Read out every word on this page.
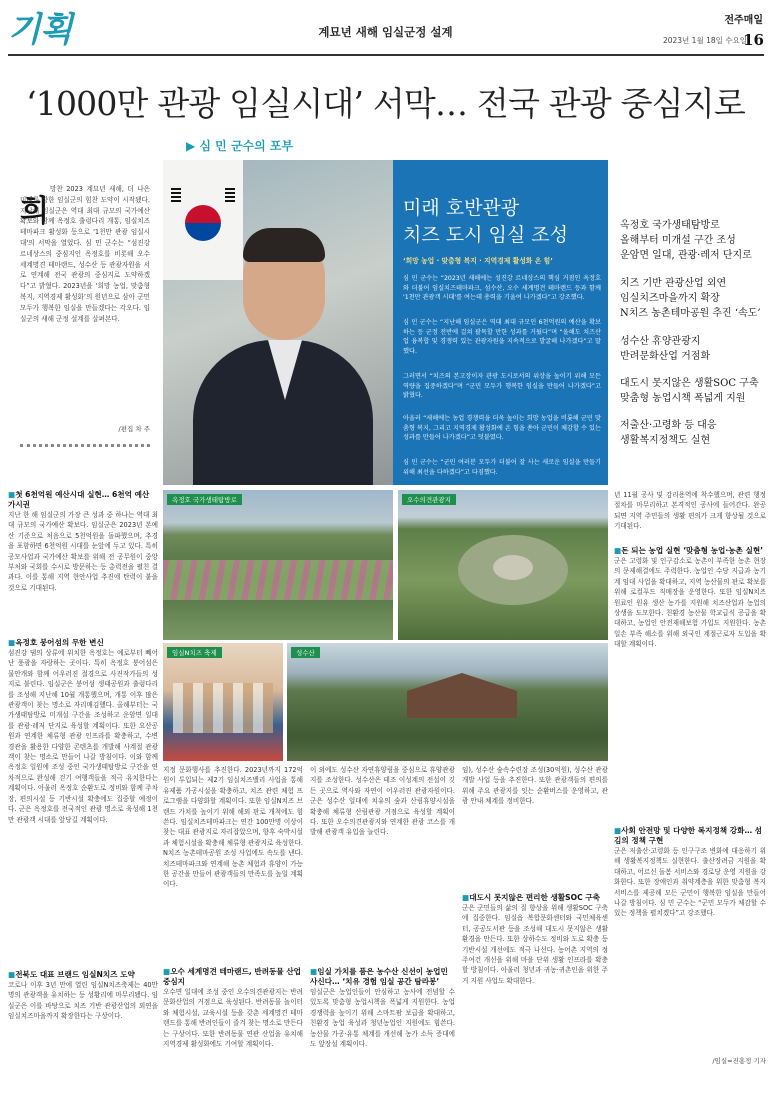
기획	계묘년 새해 임실군정 설계
전주매일
2023년 1월 18일 수요일
16
‘1000만 관광 임실시대’ 서막… 전국 관광 중심지로
▶ 심 민 군수의 포부
희
망찬 2023 계묘년 새해, 더 나은 미래를 향한 임실군의 힘찬 도약이 시작됐다. 지난해 임실군은 역대 최대 규모의 국가예산 확보와 함께 옥정호 출렁다리 개통, 임실치즈테마파크 활성화 등으로 '1천만 관광 임실시대'의 서막을 열었다. 심 민 군수는 “섬진강 르네상스의 중심지인 옥정호를 비롯해 오수 세계명견 테마랜드, 성수산 등 관광자원을 서로 연계해 전국 관광의 중심지로 도약하겠다”고 밝혔다. 2023년을 ‘희망 농업, 맞춤형 복지, 지역경제 활성화’의 원년으로 삼아 군민 모두가 행복한 임실을 만들겠다는 각오다. 임실군의 새해 군정 설계를 살펴본다.
/편집 차 주
미래 호반관광
치즈 도시 임실 조성
‘희망 농업 · 맞춤형 복지 · 지역경제 활성화 온 힘’
심 민 군수는 “2023년 새해에는 성진강 르네상스의 핵심 거점인 옥정호와 더불어 임실치즈테마파크, 섬수산, 오수 세계명견 테마랜드 등과 함께 '1천만 관광객 시대'를 여는데 총력을 기울여 나가겠다”고 강조했다.
심 민 군수는 “지난해 임실군은 역대 최대 규모인 6천억원의 예산을 확보하는 등 군정 전반에 걸쳐 괄목할 만한 성과를 거뒀다”며 “올해도 치즈산업 융복합 및 경쟁력 있는 관광자원을 지속적으로 발굴해 나가겠다”고 말했다.
그러면서 “치즈의 본고장이자 관광 도시로서의 위상을 높이기 위해 모든 역량을 집중하겠다”며 “군민 모두가 행복한 임실을 만들어 나가겠다”고 밝혔다.
아울러 “새해에는 농업 경쟁력을 더욱 높이는 희망 농업을 비롯해 군민 맞춤형 복지, 그리고 지역경제 활성화에 온 힘을 쏟아 군민이 체감할 수 있는 성과를 만들어 나가겠다”고 덧붙였다.
심 민 군수는 “군민 여러분 모두가 더불어 잘 사는 새로운 임실을 만들기 위해 최선을 다하겠다”고 다짐했다.
옥정호 국가생태탐방로
올해부터 미개설 구간 조성
운암면 일대, 관광·레저 단지로
치즈 기반 관광산업 외연
임실치즈마을까지 확장
N치즈 농촌테마공원 추진 ‘속도’
성수산 휴양관광지
반려문화산업 거점화
대도시 못지않은 생활SOC 구축
맞춤형 농업시책 폭넓게 지원
저출산·고령화 등 대응
생활복지정책도 실현
옥정호 국가생태탐방로	오수의견관광지
임실N치즈 축제	성수산
■첫 6천억원 예산시대 실현… 6천억 예산 가시권
지난 한 해 임실군의 가장 큰 성과 중 하나는 역대 최대 규모의 국가예산 확보다. 임실군은 2023년 본예산 기준으로 처음으로 5천억원을 돌파했으며, 추경을 포함하면 6천억원 시대를 눈앞에 두고 있다. 특히 공모사업과 국가예산 확보를 위해 전 공무원이 중앙부처와 국회를 수시로 방문하는 등 총력전을 펼친 결과다. 이를 통해 지역 현안사업 추진에 탄력이 붙을 것으로 기대된다.
■옥정호 붕어섬의 무한 변신
섬진강 댐의 상류에 위치한 옥정호는 예로부터 빼어난 풍광을 자랑하는 곳이다. 특히 옥정호 붕어섬은 물안개와 함께 어우러진 절경으로 사진작가들의 성지로 불린다. 임실군은 붕어섬 생태공원과 출렁다리를 조성해 지난해 10월 개통했으며, 개통 이후 많은 관광객이 찾는 명소로 자리매김했다. 올해부터는 국가생태탐방로 미개설 구간을 조성하고 운암면 일대를 관광·레저 단지로 육성할 계획이다. 또한 요산공원과 연계한 체류형 관광 인프라를 확충하고, 수변 경관을 활용한 다양한 콘텐츠를 개발해 사계절 관광객이 찾는 명소로 만들어 나갈 방침이다. 이와 함께 옥정호 일원에 조성 중인 국가생태탐방로 구간을 연차적으로 완성해 걷기 여행객들을 적극 유치한다는 계획이다. 아울러 옥정호 순환도로 정비와 함께 주차장, 편의시설 등 기반시설 확충에도 집중할 예정이다. 군은 옥정호를 전국적인 관광 명소로 육성해 1천만 관광객 시대를 앞당길 계획이다.
■전북도 대표 브랜드 임실N치즈 도약
코로나 이후 3년 만에 열린 임실N치즈축제는 40만명의 관광객을 유치하는 등 성황리에 마무리됐다. 임실군은 이를 바탕으로 치즈 기반 관광산업의 외연을 임실치즈마을까지 확장한다는 구상이다.
지정 문화행사를 추진한다. 2023년까지 172억원이 투입되는 제2기 임실치즈밸리 사업을 통해 유제품 가공시설을 확충하고, 치즈 관련 체험 프로그램을 다양화할 계획이다. 또한 임실N치즈 브랜드 가치를 높이기 위해 해외 판로 개척에도 힘쓴다. 임실치즈테마파크는 연간 100만명 이상이 찾는 대표 관광지로 자리잡았으며, 향후 숙박시설과 체험시설을 확충해 체류형 관광지로 육성한다. N치즈 농촌테마공원 조성 사업에도 속도를 낸다. 치즈테마파크와 연계해 농촌 체험과 휴양이 가능한 공간을 만들어 관광객들의 만족도를 높일 계획이다.
■오수 세계명견 테마랜드, 반려동물 산업 중심지
오수면 일대에 조성 중인 오수의견관광지는 반려문화산업의 거점으로 육성된다. 반려동물 놀이터와 체험시설, 교육시설 등을 갖춘 세계명견 테마랜드를 통해 반려인들이 즐겨 찾는 명소로 만든다는 구상이다. 또한 반려동물 연관 산업을 유치해 지역경제 활성화에도 기여할 계획이다.
이 외에도 성수산 자연휴양림을 중심으로 휴양관광지를 조성한다. 성수산은 태조 이성계의 전설이 깃든 곳으로 역사와 자연이 어우러진 관광자원이다. 군은 성수산 일대에 치유의 숲과 산림휴양시설을 확충해 체류형 산림관광 거점으로 육성할 계획이다. 또한 오수의견관광지와 연계한 관광 코스를 개발해 관광객 유입을 늘린다.
■임실 가치를 품은 농수산 신선이 농업민 사신다… ‘치유 경험 임실 공간 탐라봉’
임실군은 농업인들이 안심하고 농사에 전념할 수 있도록 맞춤형 농업시책을 폭넓게 지원한다. 농업 경쟁력을 높이기 위해 스마트팜 보급을 확대하고, 친환경 농업 육성과 청년농업인 지원에도 힘쓴다. 농산물 가공·유통 체계를 개선해 농가 소득 증대에도 앞장설 계획이다.
임), 성수산 숲속수련장 조성(30억원), 성수산 관광개발 사업 등을 추진한다. 또한 관광객들의 편의를 위해 주요 관광지를 잇는 순환버스를 운영하고, 관광 안내 체계를 정비한다.
■대도시 못지않은 편리한 생활SOC 구축
군은 군민들의 삶의 질 향상을 위해 생활SOC 구축에 집중한다. 임실읍 복합문화센터와 국민체육센터, 공공도서관 등을 조성해 대도시 못지않은 생활환경을 만든다. 또한 상하수도 정비와 도로 확충 등 기반시설 개선에도 적극 나선다. 농어촌 지역의 정주여건 개선을 위해 마을 단위 생활 인프라를 확충할 방침이다. 아울러 청년과 귀농·귀촌인을 위한 주거 지원 사업도 확대한다.
년 11월 공사 및 감리용역에 착수했으며, 관련 행정절차를 마무리하고 본격적인 공사에 들어간다. 완공되면 지역 주민들의 생활 편의가 크게 향상될 것으로 기대된다.
■돈 되는 농업 실현 ‘맞춤형 농업·농촌 실현’
군은 고령화 및 인구감소로 농촌이 부족한 농촌 현장의 문제해결에도 주력한다. 농업인 수당 지급과 농기계 임대 사업을 확대하고, 지역 농산물의 판로 확보를 위해 로컬푸드 직매장을 운영한다. 또한 임실N치즈 원료인 원유 생산 농가를 지원해 치즈산업과 농업의 상생을 도모한다. 친환경 농산물 학교급식 공급을 확대하고, 농업인 안전재해보험 가입도 지원한다. 농촌 일손 부족 해소를 위해 외국인 계절근로자 도입을 확대할 계획이다.
■사회 안전망 및 다양한 복지정책 강화… 섬김의 정책 구현
군은 저출산·고령화 등 인구구조 변화에 대응하기 위해 생활복지정책도 실현한다. 출산장려금 지원을 확대하고, 어르신 돌봄 서비스와 경로당 운영 지원을 강화한다. 또한 장애인과 취약계층을 위한 맞춤형 복지 서비스를 제공해 모든 군민이 행복한 임실을 만들어 나갈 방침이다. 심 민 군수는 “군민 모두가 체감할 수 있는 정책을 펼치겠다”고 강조했다.
/임실=진홍정 기자
